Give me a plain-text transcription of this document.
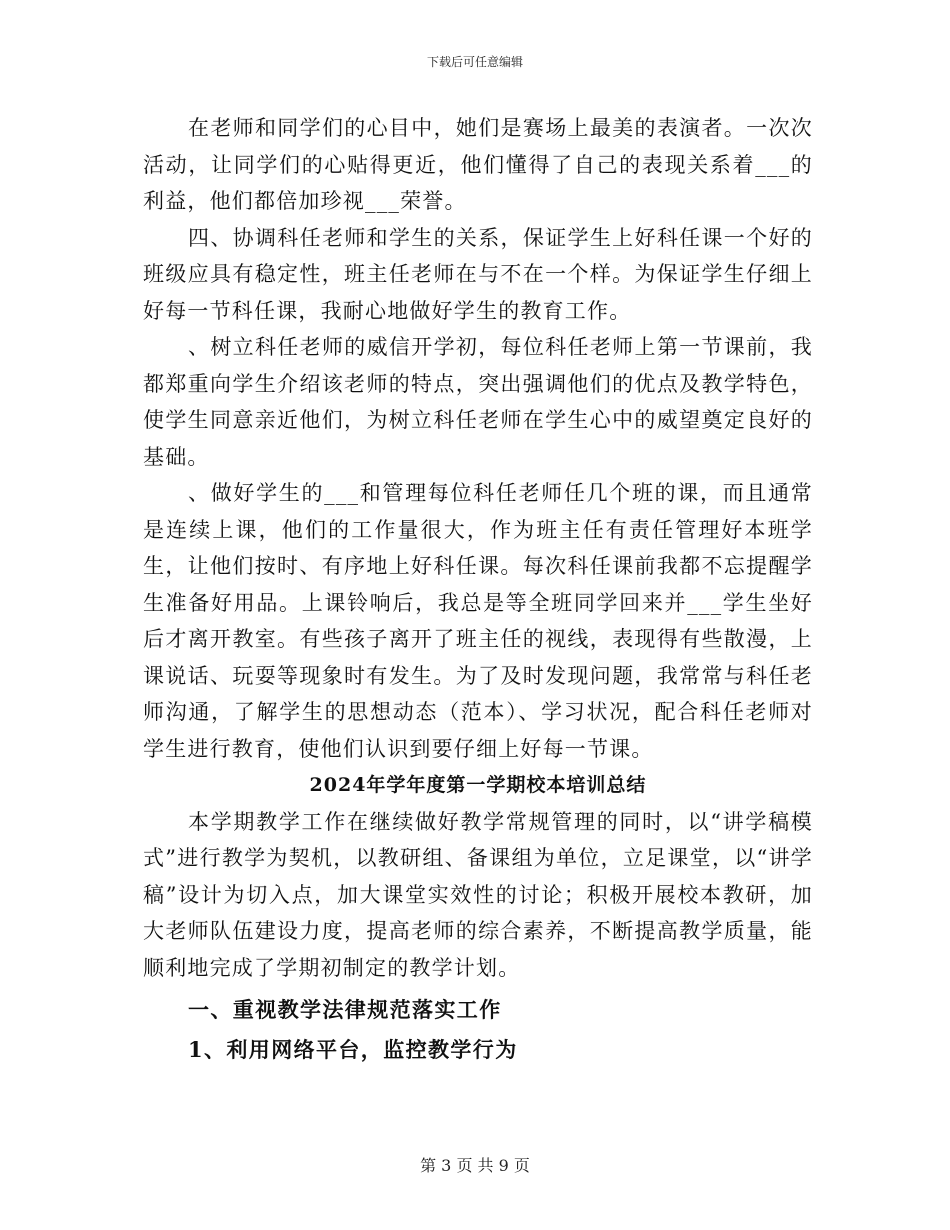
下载后可任意编辑

在老师和同学们的心目中，她们是赛场上最美的表演者。一次次活动，让同学们的心贴得更近，他们懂得了自己的表现关系着___的利益，他们都倍加珍视___荣誉。

四、协调科任老师和学生的关系，保证学生上好科任课一个好的班级应具有稳定性，班主任老师在与不在一个样。为保证学生仔细上好每一节科任课，我耐心地做好学生的教育工作。

、树立科任老师的威信开学初，每位科任老师上第一节课前，我都郑重向学生介绍该老师的特点，突出强调他们的优点及教学特色，使学生同意亲近他们，为树立科任老师在学生心中的威望奠定良好的基础。

、做好学生的___和管理每位科任老师任几个班的课，而且通常是连续上课，他们的工作量很大，作为班主任有责任管理好本班学生，让他们按时、有序地上好科任课。每次科任课前我都不忘提醒学生准备好用品。上课铃响后，我总是等全班同学回来并___学生坐好后才离开教室。有些孩子离开了班主任的视线，表现得有些散漫，上课说话、玩耍等现象时有发生。为了及时发现问题，我常常与科任老师沟通，了解学生的思想动态（范本）、学习状况，配合科任老师对学生进行教育，使他们认识到要仔细上好每一节课。

2024年学年度第一学期校本培训总结

本学期教学工作在继续做好教学常规管理的同时，以“讲学稿模式”进行教学为契机，以教研组、备课组为单位，立足课堂，以“讲学稿”设计为切入点，加大课堂实效性的讨论；积极开展校本教研，加大老师队伍建设力度，提高老师的综合素养，不断提高教学质量，能顺利地完成了学期初制定的教学计划。

一、重视教学法律规范落实工作
1、利用网络平台，监控教学行为
第 3 页 共 9 页
